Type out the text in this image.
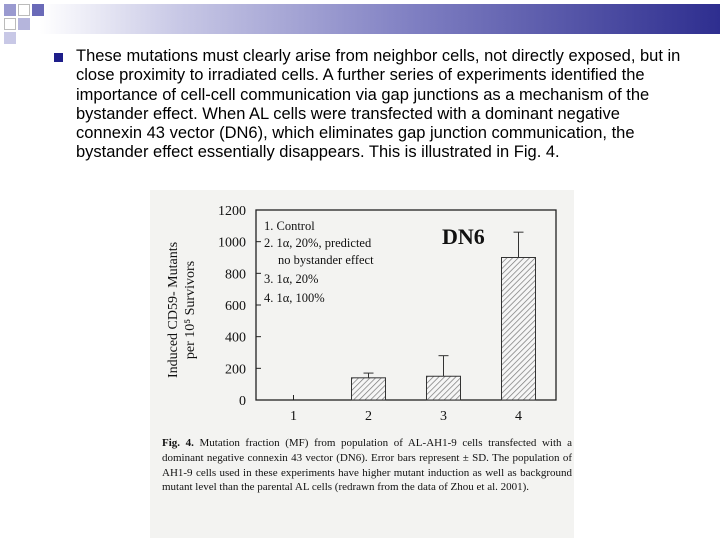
These mutations must clearly arise from neighbor cells, not directly exposed, but in close proximity to irradiated cells. A further series of experiments identified the importance of cell-cell communication via gap junctions as a mechanism of the bystander effect. When AL cells were transfected with a dominant negative connexin 43 vector (DN6), which eliminates gap junction communication, the bystander effect essentially disappears. This is illustrated in Fig. 4.
Induced CD59- Mutants per 10⁵ Survivors
1200
1000
800
600
400
200
0
1	2	3	4
1. Control
2. 1α, 20%, predicted
no bystander effect
3. 1α, 20%
4. 1α, 100%
DN6
Fig. 4. Mutation fraction (MF) from population of AL-AH1-9 cells transfected with a dominant negative connexin 43 vector (DN6). Error bars represent ± SD. The population of AH1-9 cells used in these experiments have higher mutant induction as well as background mutant level than the parental AL cells (redrawn from the data of Zhou et al. 2001).
